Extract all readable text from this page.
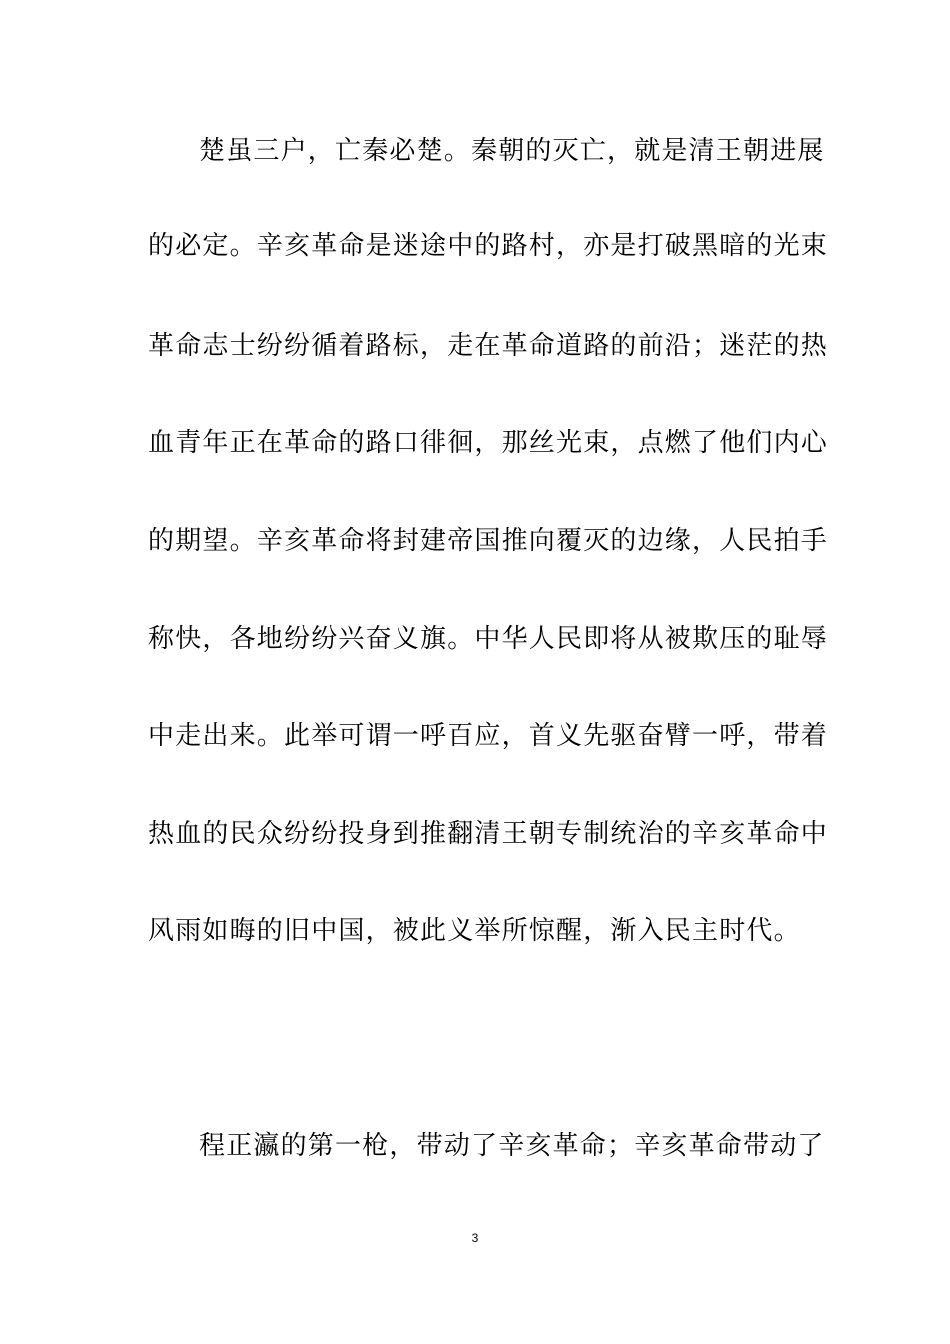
楚虽三户，亡秦必楚。秦朝的灭亡，就是清王朝进展
的必定。辛亥革命是迷途中的路村，亦是打破黑暗的光束
革命志士纷纷循着路标，走在革命道路的前沿；迷茫的热
血青年正在革命的路口徘徊，那丝光束，点燃了他们内心
的期望。辛亥革命将封建帝国推向覆灭的边缘，人民拍手
称快，各地纷纷兴奋义旗。中华人民即将从被欺压的耻辱
中走出来。此举可谓一呼百应，首义先驱奋臂一呼，带着
热血的民众纷纷投身到推翻清王朝专制统治的辛亥革命中
风雨如晦的旧中国，被此义举所惊醒，渐入民主时代。
程正瀛的第一枪，带动了辛亥革命；辛亥革命带动了
3
